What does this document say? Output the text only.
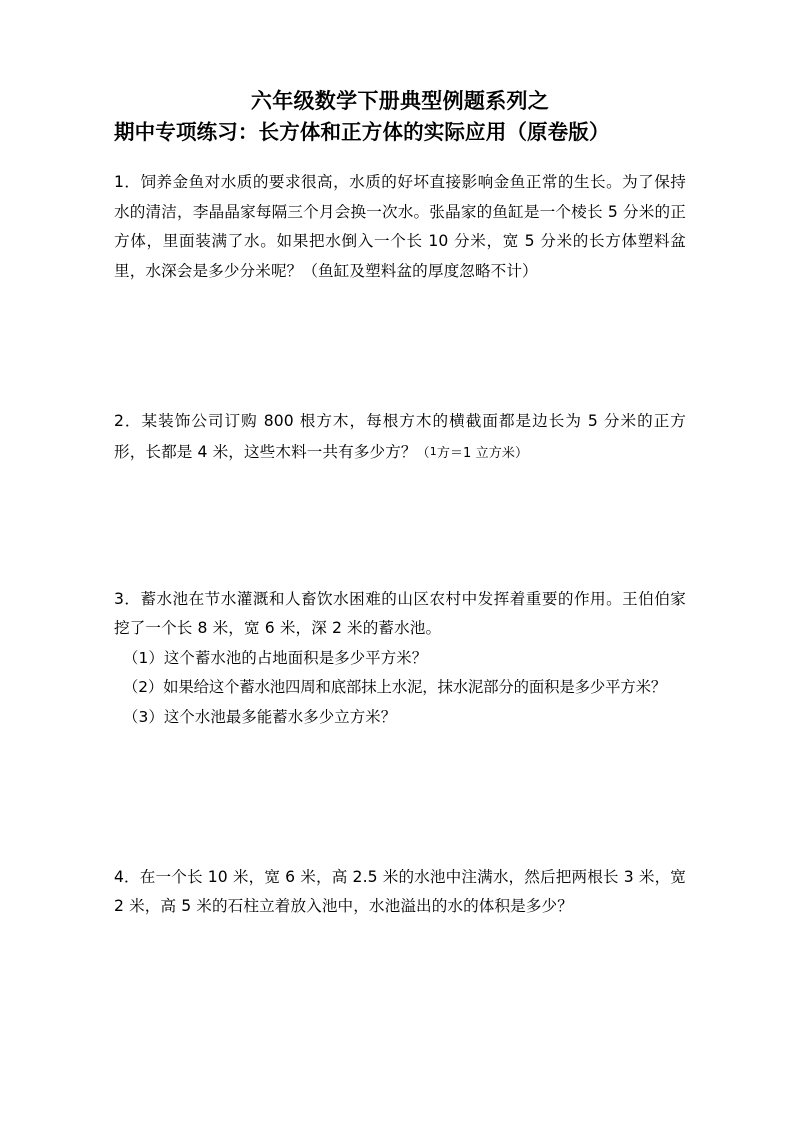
六年级数学下册典型例题系列之
期中专项练习：长方体和正方体的实际应用（原卷版）
1．饲养金鱼对水质的要求很高，水质的好坏直接影响金鱼正常的生长。为了保持水的清洁，李晶晶家每隔三个月会换一次水。张晶家的鱼缸是一个棱长 5 分米的正方体，里面装满了水。如果把水倒入一个长 10 分米，宽 5 分米的长方体塑料盆里，水深会是多少分米呢？（鱼缸及塑料盆的厚度忽略不计）
2．某装饰公司订购 800 根方木，每根方木的横截面都是边长为 5 分米的正方形，长都是 4 米，这些木料一共有多少方？（1方＝1 立方米）
3．蓄水池在节水灌溉和人畜饮水困难的山区农村中发挥着重要的作用。王伯伯家挖了一个长 8 米，宽 6 米，深 2 米的蓄水池。
（1）这个蓄水池的占地面积是多少平方米？
（2）如果给这个蓄水池四周和底部抹上水泥，抹水泥部分的面积是多少平方米？
（3）这个水池最多能蓄水多少立方米？
4．在一个长 10 米，宽 6 米，高 2.5 米的水池中注满水，然后把两根长 3 米，宽 2 米，高 5 米的石柱立着放入池中，水池溢出的水的体积是多少？
